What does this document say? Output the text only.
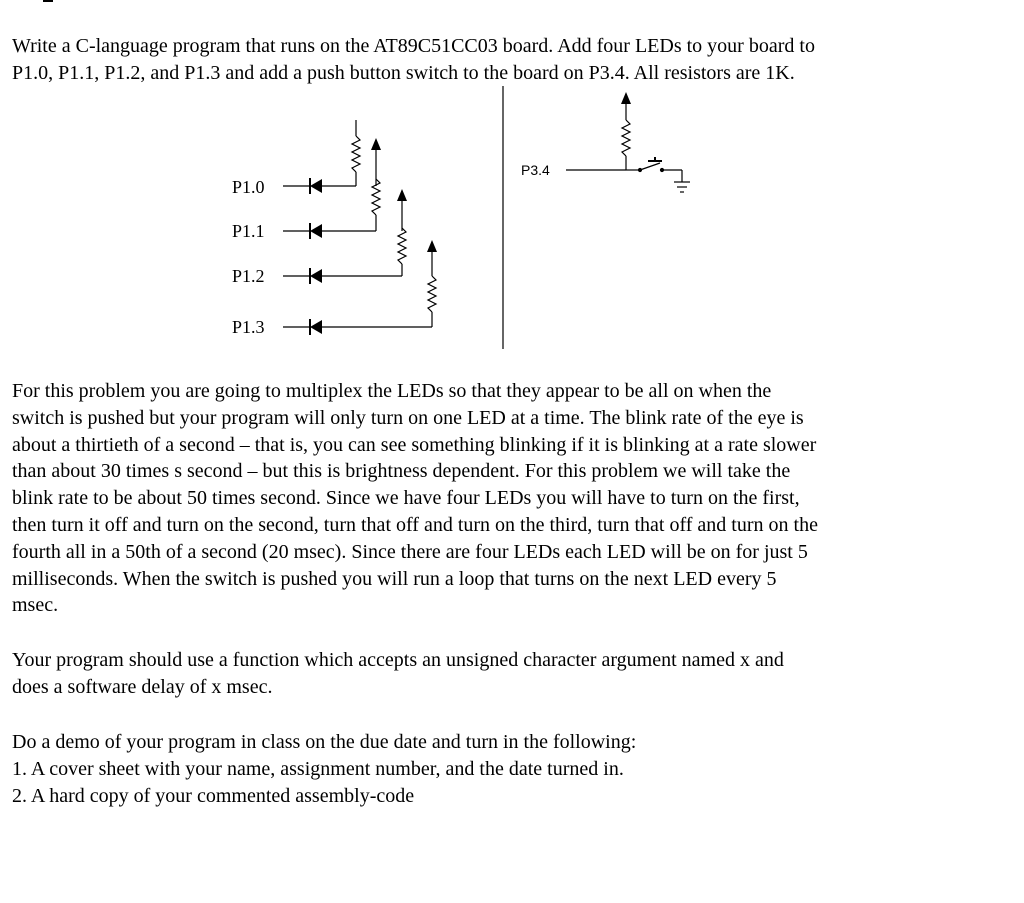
Write a C-language program that runs on the AT89C51CC03 board. Add four LEDs to your board to
P1.0, P1.1, P1.2, and P1.3 and add a push button switch to the board on P3.4. All resistors are 1K.
P1.0
P1.1
P1.2
P1.3
P3.4
For this problem you are going to multiplex the LEDs so that they appear to be all on when the
switch is pushed but your program will only turn on one LED at a time. The blink rate of the eye is
about a thirtieth of a second – that is, you can see something blinking if it is blinking at a rate slower
than about 30 times s second – but this is brightness dependent. For this problem we will take the
blink rate to be about 50 times second. Since we have four LEDs you will have to turn on the first,
then turn it off and turn on the second, turn that off and turn on the third, turn that off and turn on the
fourth all in a 50th of a second (20 msec). Since there are four LEDs each LED will be on for just 5
milliseconds. When the switch is pushed you will run a loop that turns on the next LED every 5
msec.
Your program should use a function which accepts an unsigned character argument named x and
does a software delay of x msec.
Do a demo of your program in class on the due date and turn in the following:
1. A cover sheet with your name, assignment number, and the date turned in.
2. A hard copy of your commented assembly-code
